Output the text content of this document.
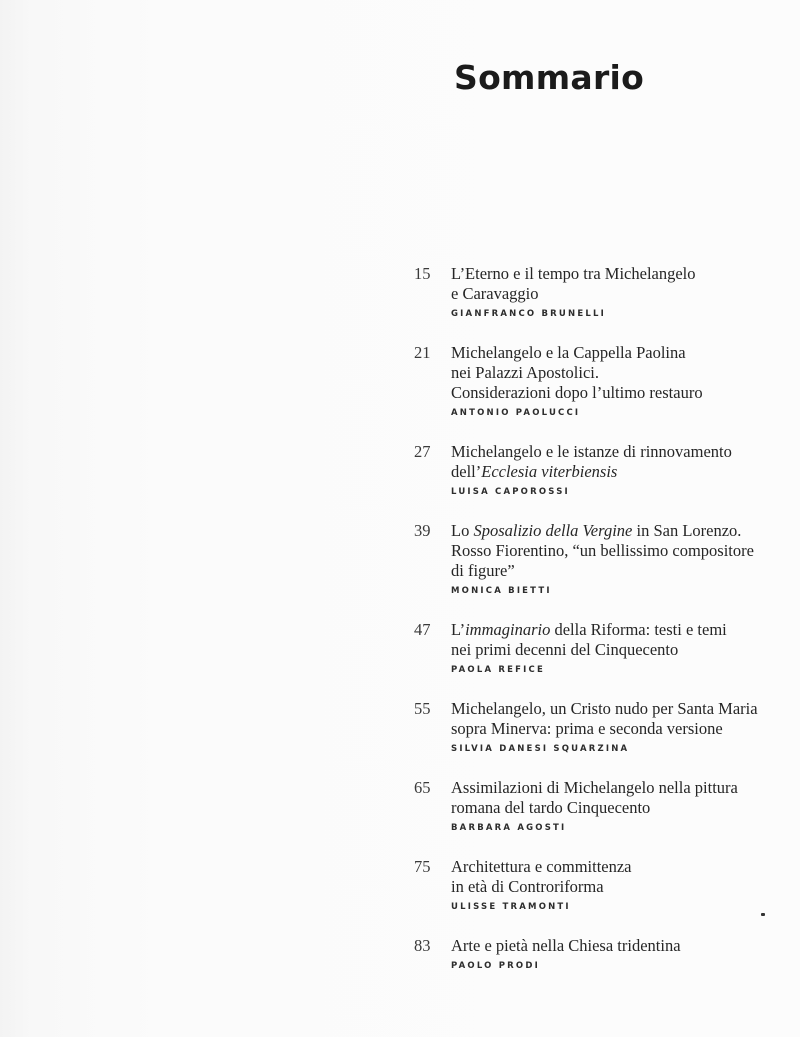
Sommario
15	L’Eterno e il tempo tra Michelangelo
e Caravaggio
GIANFRANCO BRUNELLI
21	Michelangelo e la Cappella Paolina
nei Palazzi Apostolici.
Considerazioni dopo l’ultimo restauro
ANTONIO PAOLUCCI
27	Michelangelo e le istanze di rinnovamento
dell’Ecclesia viterbiensis
LUISA CAPOROSSI
39	Lo Sposalizio della Vergine in San Lorenzo.
Rosso Fiorentino, “un bellissimo compositore
di figure”
MONICA BIETTI
47	L’immaginario della Riforma: testi e temi
nei primi decenni del Cinquecento
PAOLA REFICE
55	Michelangelo, un Cristo nudo per Santa Maria
sopra Minerva: prima e seconda versione
SILVIA DANESI SQUARZINA
65	Assimilazioni di Michelangelo nella pittura
romana del tardo Cinquecento
BARBARA AGOSTI
75	Architettura e committenza
in età di Controriforma
ULISSE TRAMONTI
83	Arte e pietà nella Chiesa tridentina
PAOLO PRODI
